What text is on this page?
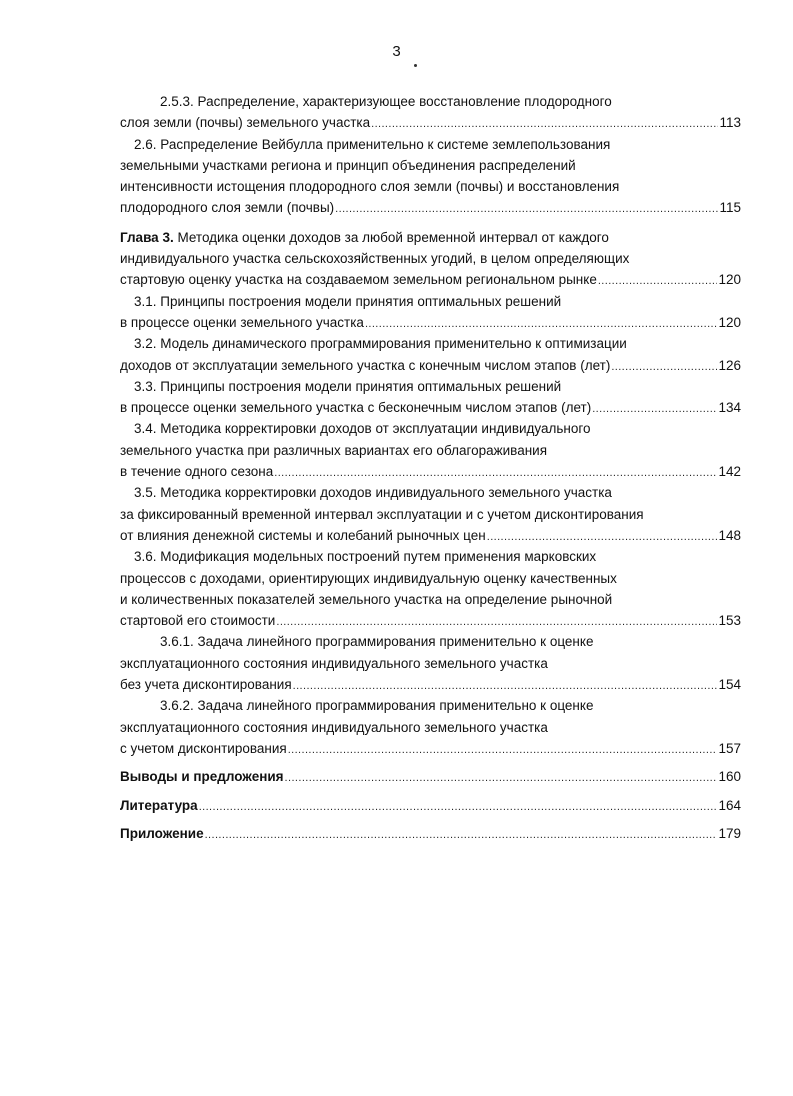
3
2.5.3. Распределение, характеризующее восстановление плодородного
слоя земли (почвы) земельного участка .....	113
2.6. Распределение Вейбулла применительно к системе землепользования
земельными участками региона и принцип объединения распределений
интенсивности истощения плодородного слоя земли (почвы) и восстановления
плодородного слоя земли (почвы) .....	115
Глава 3. Методика оценки доходов за любой временной интервал от каждого
индивидуального участка сельскохозяйственных угодий, в целом определяющих
стартовую оценку участка на создаваемом земельном региональном рынке .....	120
3.1. Принципы построения модели принятия оптимальных решений
в процессе оценки земельного участка .....	120
3.2. Модель динамического программирования применительно к оптимизации
доходов от эксплуатации земельного участка с конечным числом этапов (лет) .....	126
3.3. Принципы построения модели принятия оптимальных решений
в процессе оценки земельного участка с бесконечным числом этапов (лет) .....	134
3.4. Методика корректировки доходов от эксплуатации индивидуального
земельного участка при различных вариантах его облагораживания
в течение одного сезона .....	142
3.5. Методика корректировки доходов индивидуального земельного участка
за фиксированный временной интервал эксплуатации и с учетом дисконтирования
от влияния денежной системы и колебаний рыночных цен .....	148
3.6. Модификация модельных построений путем применения марковских
процессов с доходами, ориентирующих индивидуальную оценку качественных
и количественных показателей земельного участка на определение рыночной
стартовой его стоимости .....	153
3.6.1. Задача линейного программирования применительно к оценке
эксплуатационного состояния индивидуального земельного участка
без учета дисконтирования .....	154
3.6.2. Задача линейного программирования применительно к оценке
эксплуатационного состояния индивидуального земельного участка
с учетом дисконтирования .....	157
Выводы и предложения .....	160
Литература .....	164
Приложение .....	179
